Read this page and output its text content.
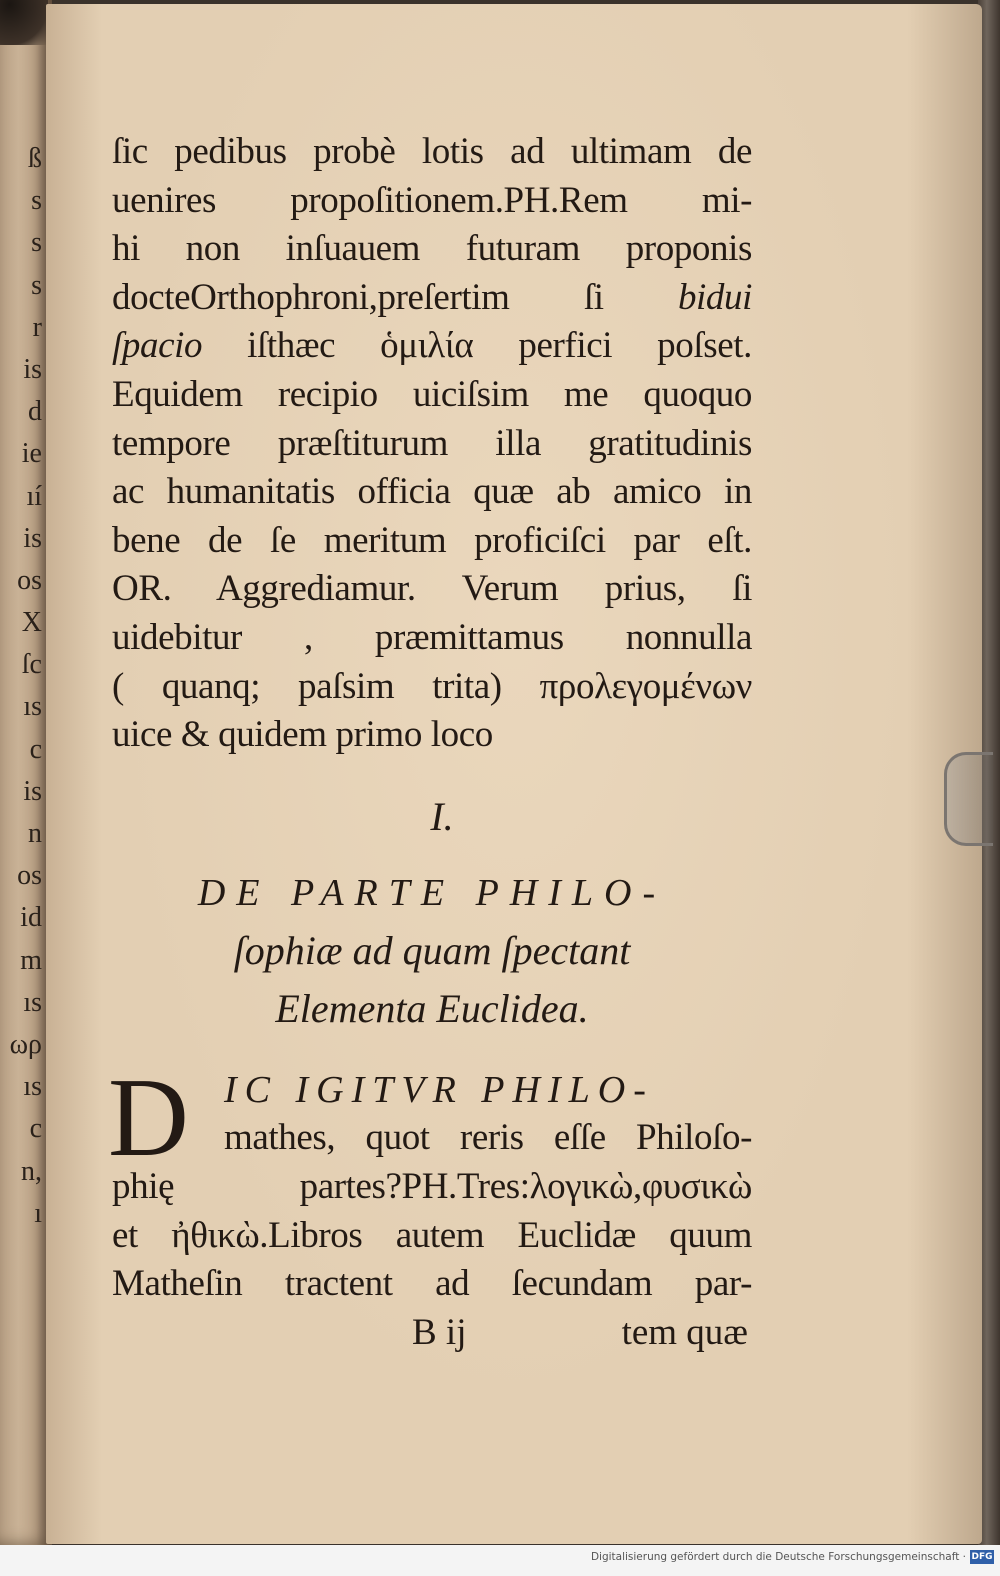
ß
s
s
s
r
is
d
ie
ıí
is
os
X
ſc
ıs
c
is
n
os
id
m
ıs
ωρ
ıs
c
n,
ı
ſic pedibus probè lotis ad ultimam de
uenires propoſitionem.PH.Rem mi-
hi non inſuauem futuram proponis
docteOrthophroni,preſertim ſi bidui
ſpacio iſthæc ὁμιλία perfici poſset.
Equidem recipio uiciſsim me quoquo
tempore præſtiturum illa gratitudinis
ac humanitatis officia quæ ab amico in
bene de ſe meritum proficiſci par eſt.
OR. Aggrediamur. Verum prius, ſi
uidebitur , præmittamus nonnulla
( quanq; paſsim trita) προλεγομένων
uice & quidem primo loco
I.
DE PARTE PHILO-
ſophiæ ad quam ſpectant
Elementa Euclidea.
D IC IGITVR PHILO-
mathes, quot reris eſſe Philoſo-
phię partes?PH.Tres:λογικὼ,φυσικὼ
et ἠθικὼ.Libros autem Euclidæ quum
Matheſin tractent ad ſecundam par-
B ij	tem quæ
Digitalisierung gefördert durch die Deutsche Forschungsgemeinschaft · DFG
